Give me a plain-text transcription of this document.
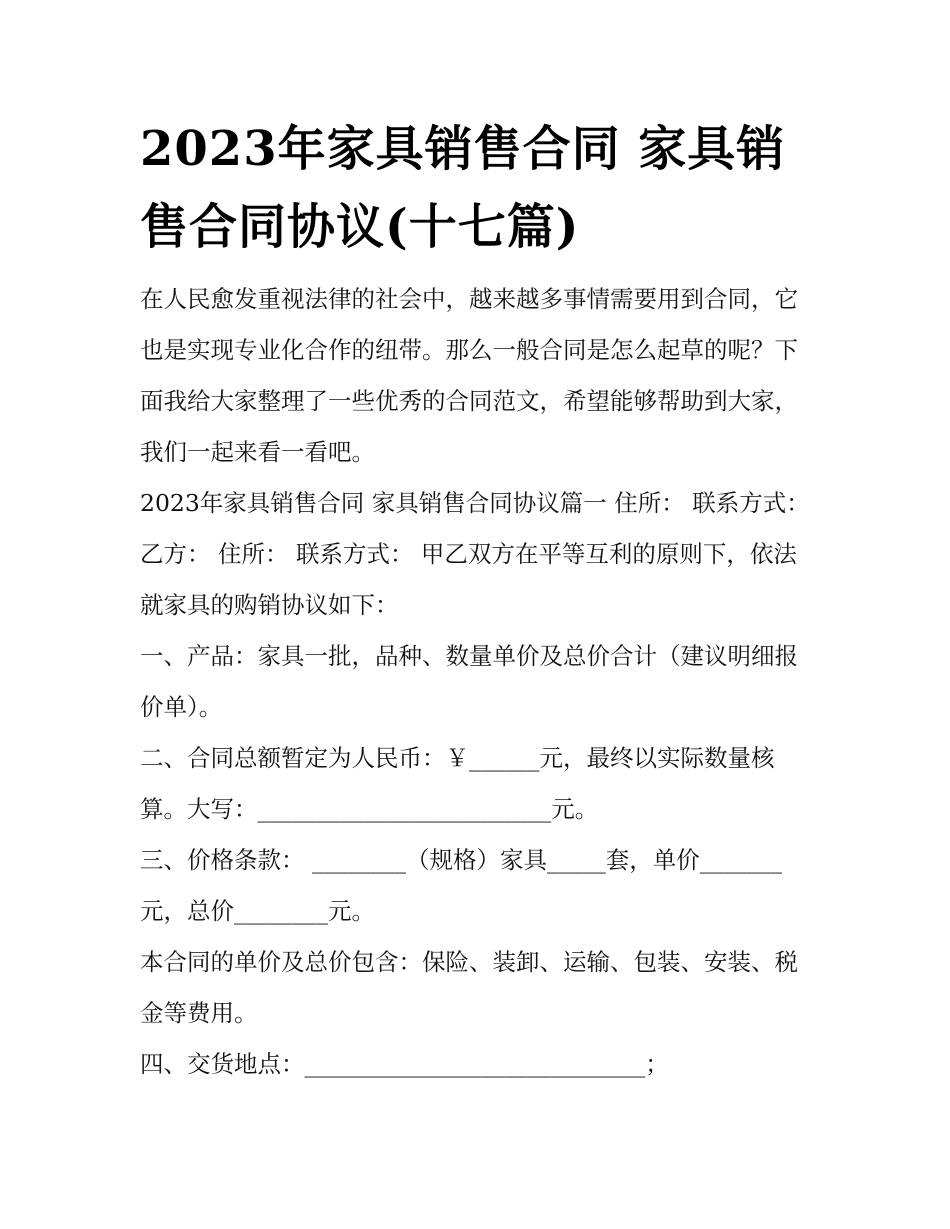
2023年家具销售合同 家具销售合同协议(十七篇)

在人民愈发重视法律的社会中，越来越多事情需要用到合同，它也是实现专业化合作的纽带。那么一般合同是怎么起草的呢？下面我给大家整理了一些优秀的合同范文，希望能够帮助到大家，我们一起来看一看吧。

2023年家具销售合同 家具销售合同协议篇一 住所： 联系方式： 乙方： 住所： 联系方式： 甲乙双方在平等互利的原则下，依法就家具的购销协议如下：

一、产品：家具一批，品种、数量单价及总价合计（建议明细报价单）。

二、合同总额暂定为人民币：￥______元，最终以实际数量核算。大写：_________________________元。

三、价格条款： ________（规格）家具_____套，单价_______元，总价________元。

本合同的单价及总价包含：保险、装卸、运输、包装、安装、税金等费用。

四、交货地点：_____________________________；
